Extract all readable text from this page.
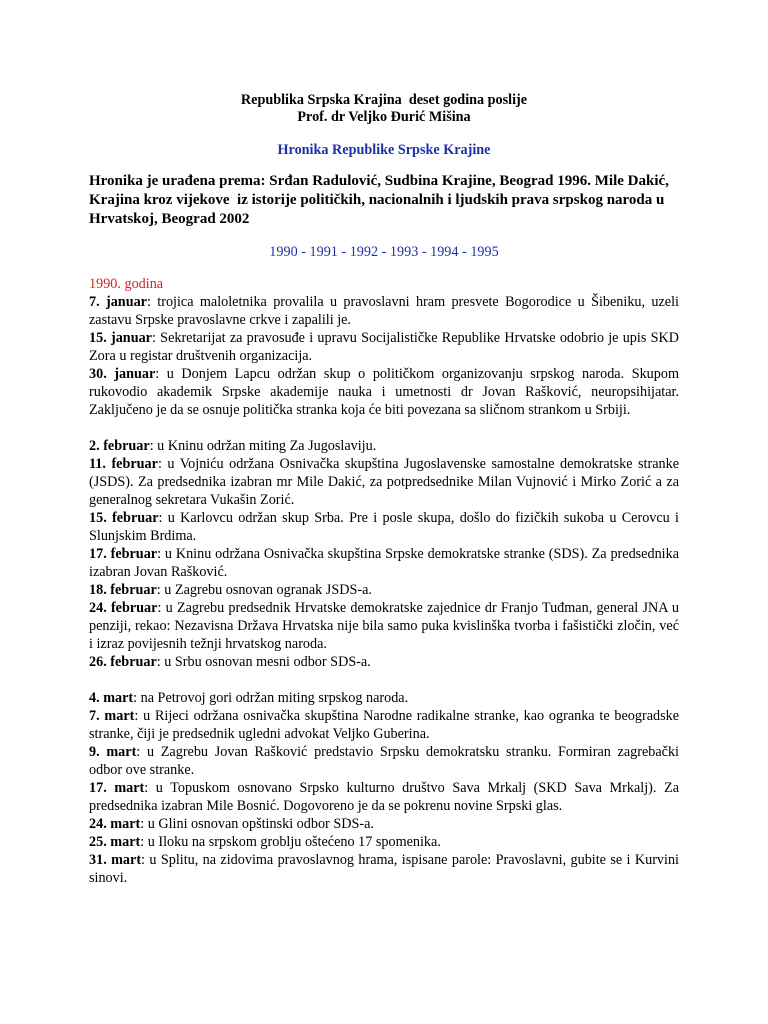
Republika Srpska Krajina  deset godina poslije
Prof. dr Veljko Đurić Mišina
Hronika Republike Srpske Krajine
Hronika je urađena prema: Srđan Radulović, Sudbina Krajine, Beograd 1996. Mile Dakić, Krajina kroz vijekove  iz istorije političkih, nacionalnih i ljudskih prava srpskog naroda u Hrvatskoj, Beograd 2002
1990 - 1991 - 1992 - 1993 - 1994 - 1995
1990. godina
7. januar: trojica maloletnika provalila u pravoslavni hram presvete Bogorodice u Šibeniku, uzeli zastavu Srpske pravoslavne crkve i zapalili je.
15. januar: Sekretarijat za pravosuđe i upravu Socijalističke Republike Hrvatske odobrio je upis SKD Zora u registar društvenih organizacija.
30. januar: u Donjem Lapcu održan skup o političkom organizovanju srpskog naroda. Skupom rukovodio akademik Srpske akademije nauka i umetnosti dr Jovan Rašković, neuropsihijatar. Zaključeno je da se osnuje politička stranka koja će biti povezana sa sličnom strankom u Srbiji.
2. februar: u Kninu održan miting Za Jugoslaviju.
11. februar: u Vojniću održana Osnivačka skupština Jugoslavenske samostalne demokratske stranke (JSDS). Za predsednika izabran mr Mile Dakić, za potpredsednike Milan Vujnović i Mirko Zorić a za generalnog sekretara Vukašin Zorić.
15. februar: u Karlovcu održan skup Srba. Pre i posle skupa, došlo do fizičkih sukoba u Cerovcu i Slunjskim Brdima.
17. februar: u Kninu održana Osnivačka skupština Srpske demokratske stranke (SDS). Za predsednika izabran Jovan Rašković.
18. februar: u Zagrebu osnovan ogranak JSDS-a.
24. februar: u Zagrebu predsednik Hrvatske demokratske zajednice dr Franjo Tuđman, general JNA u penziji, rekao: Nezavisna Država Hrvatska nije bila samo puka kvislinška tvorba i fašistički zločin, već i izraz povijesnih težnji hrvatskog naroda.
26. februar: u Srbu osnovan mesni odbor SDS-a.
4. mart: na Petrovoj gori održan miting srpskog naroda.
7. mart: u Rijeci održana osnivačka skupština Narodne radikalne stranke, kao ogranka te beogradske stranke, čiji je predsednik ugledni advokat Veljko Guberina.
9. mart: u Zagrebu Jovan Rašković predstavio Srpsku demokratsku stranku. Formiran zagrebački odbor ove stranke.
17. mart: u Topuskom osnovano Srpsko kulturno društvo Sava Mrkalj (SKD Sava Mrkalj). Za predsednika izabran Mile Bosnić. Dogovoreno je da se pokrenu novine Srpski glas.
24. mart: u Glini osnovan opštinski odbor SDS-a.
25. mart: u Iloku na srpskom groblju oštećeno 17 spomenika.
31. mart: u Splitu, na zidovima pravoslavnog hrama, ispisane parole: Pravoslavni, gubite se i Kurvini sinovi.
